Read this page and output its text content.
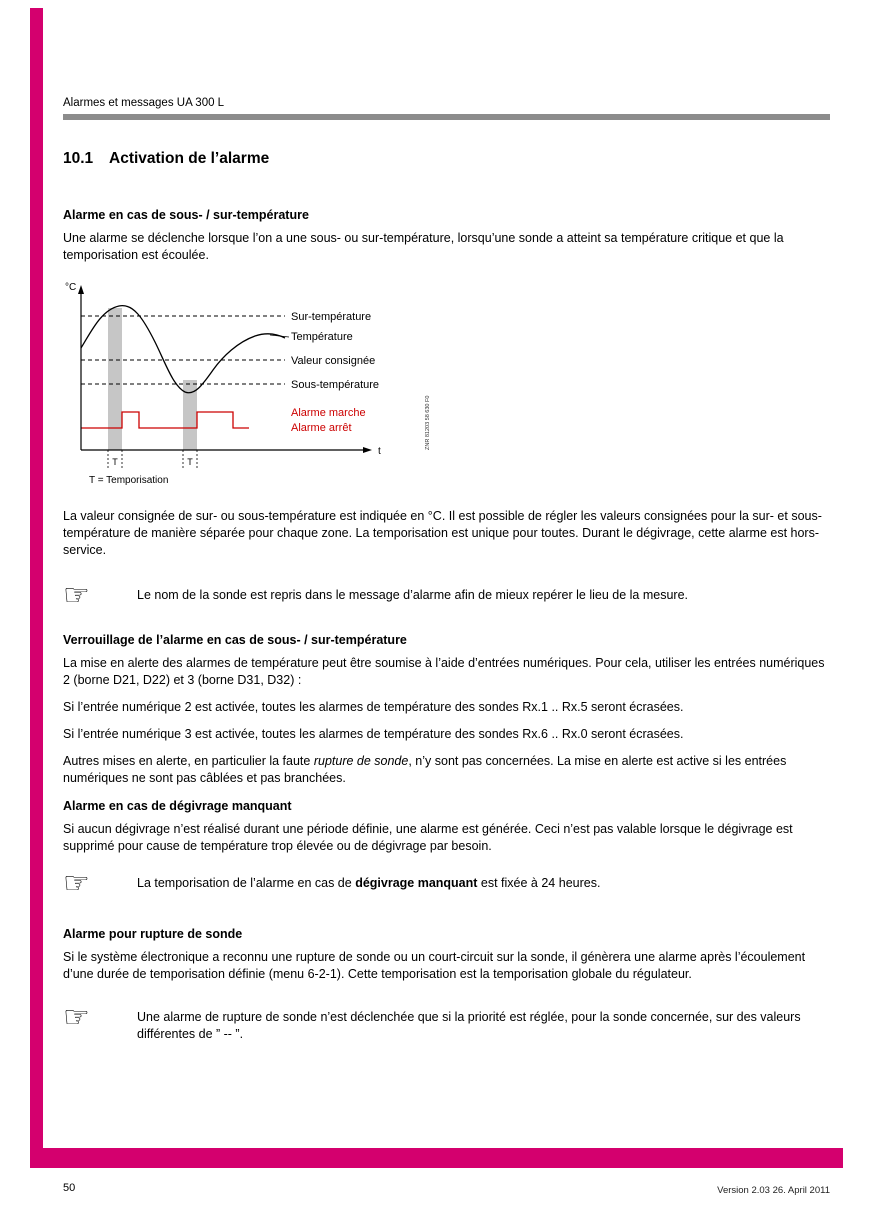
Alarmes et messages UA 300 L
10.1 Activation de l’alarme
Alarme en cas de sous- / sur-température

Une alarme se déclenche lorsque l’on a une sous- ou sur-température, lorsqu’une sonde a atteint sa température critique et que la temporisation est écoulée.

°C
t
T	T
T = Temporisation
Sur-température
Température
Valeur consignée
Sous-température
Alarme marche
Alarme arrêt	ZNR 81203 58 630 F0

La valeur consignée de sur- ou sous-température est indiquée en °C. Il est possible de régler les valeurs consignées pour la sur- et sous-température de manière séparée pour chaque zone. La temporisation est unique pour toutes. Durant le dégivrage, cette alarme est hors-service.

☞	Le nom de la sonde est repris dans le message d’alarme afin de mieux repérer le lieu de la mesure.

Verrouillage de l’alarme en cas de sous- / sur-température

La mise en alerte des alarmes de température peut être soumise à l’aide d’entrées numériques. Pour cela, utiliser les entrées numériques 2 (borne D21, D22) et 3 (borne D31, D32) :

Si l’entrée numérique 2 est activée, toutes les alarmes de température des sondes Rx.1 .. Rx.5 seront écrasées.

Si l’entrée numérique 3 est activée, toutes les alarmes de température des sondes Rx.6 .. Rx.0 seront écrasées.

Autres mises en alerte, en particulier la faute rupture de sonde, n’y sont pas concernées. La mise en alerte est active si les entrées numériques ne sont pas câblées et pas branchées.

Alarme en cas de dégivrage manquant

Si aucun dégivrage n’est réalisé durant une période définie, une alarme est générée. Ceci n’est pas valable lorsque le dégivrage est supprimé pour cause de température trop élevée ou de dégivrage par besoin.

☞	La temporisation de l’alarme en cas de dégivrage manquant est fixée à 24 heures.

Alarme pour rupture de sonde

Si le système électronique a reconnu une rupture de sonde ou un court-circuit sur la sonde, il génèrera une alarme après l’écoulement d’une durée de temporisation définie (menu 6-2-1). Cette temporisation est la temporisation globale du régulateur.

☞	Une alarme de rupture de sonde n’est déclenchée que si la priorité est réglée, pour la sonde concernée, sur des valeurs différentes de ” -- ”.

50	Version 2.03 26. April 2011
